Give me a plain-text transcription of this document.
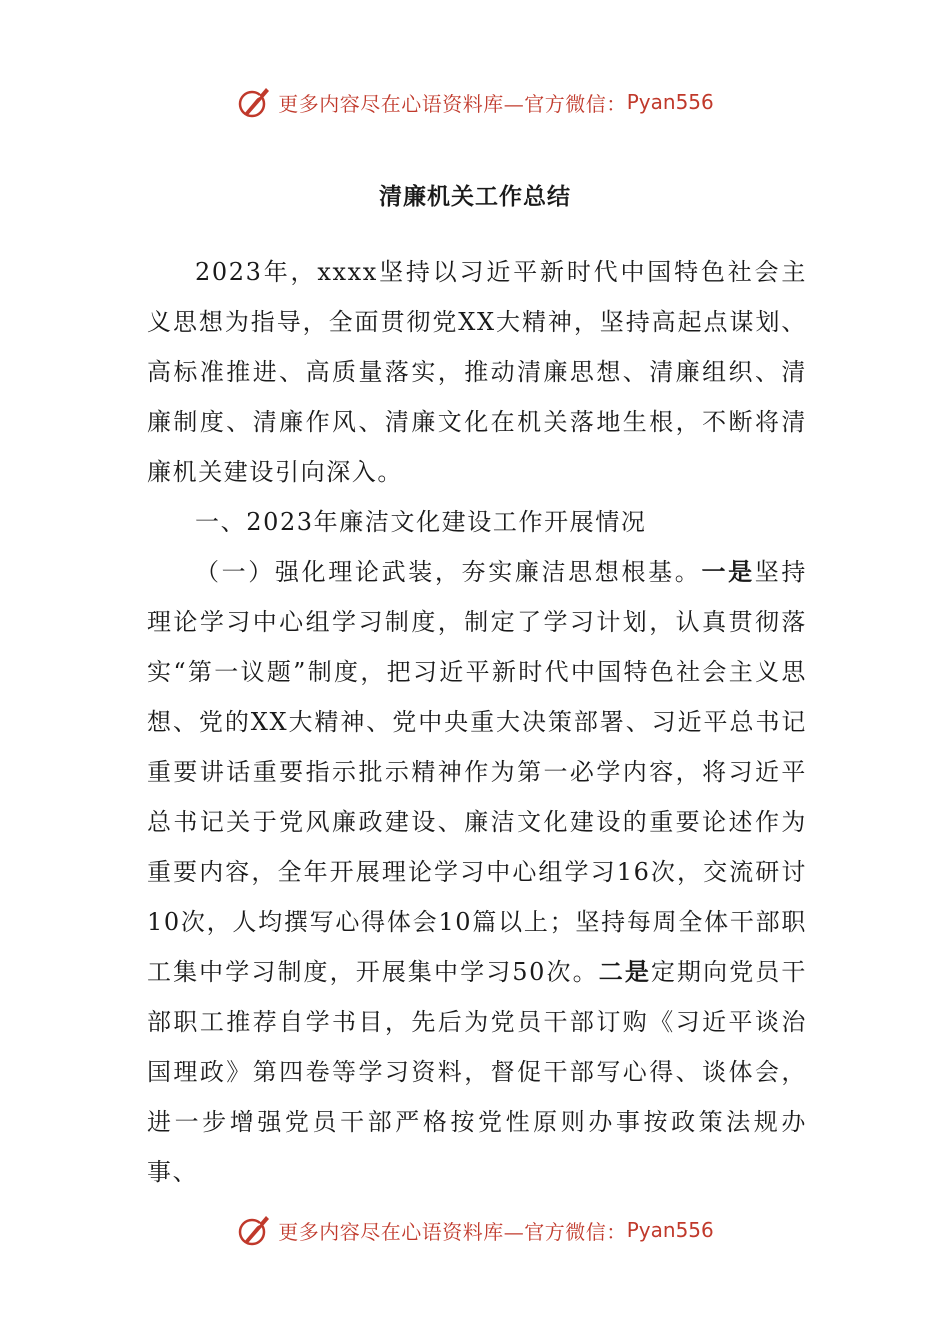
更多内容尽在心语资料库—官方微信： Pyan556
清廉机关工作总结

2023年，xxxx坚持以习近平新时代中国特色社会主义思想为指导，全面贯彻党XX大精神，坚持高起点谋划、高标准推进、高质量落实，推动清廉思想、清廉组织、清廉制度、清廉作风、清廉文化在机关落地生根，不断将清廉机关建设引向深入。

一、2023年廉洁文化建设工作开展情况

（一）强化理论武装，夯实廉洁思想根基。一是坚持理论学习中心组学习制度，制定了学习计划，认真贯彻落实“第一议题”制度，把习近平新时代中国特色社会主义思想、党的XX大精神、党中央重大决策部署、习近平总书记重要讲话重要指示批示精神作为第一必学内容，将习近平总书记关于党风廉政建设、廉洁文化建设的重要论述作为重要内容，全年开展理论学习中心组学习16次，交流研讨10次，人均撰写心得体会10篇以上；坚持每周全体干部职工集中学习制度，开展集中学习50次。二是定期向党员干部职工推荐自学书目，先后为党员干部订购《习近平谈治国理政》第四卷等学习资料，督促干部写心得、谈体会，进一步增强党员干部严格按党性原则办事按政策法规办事、

更多内容尽在心语资料库—官方微信： Pyan556
